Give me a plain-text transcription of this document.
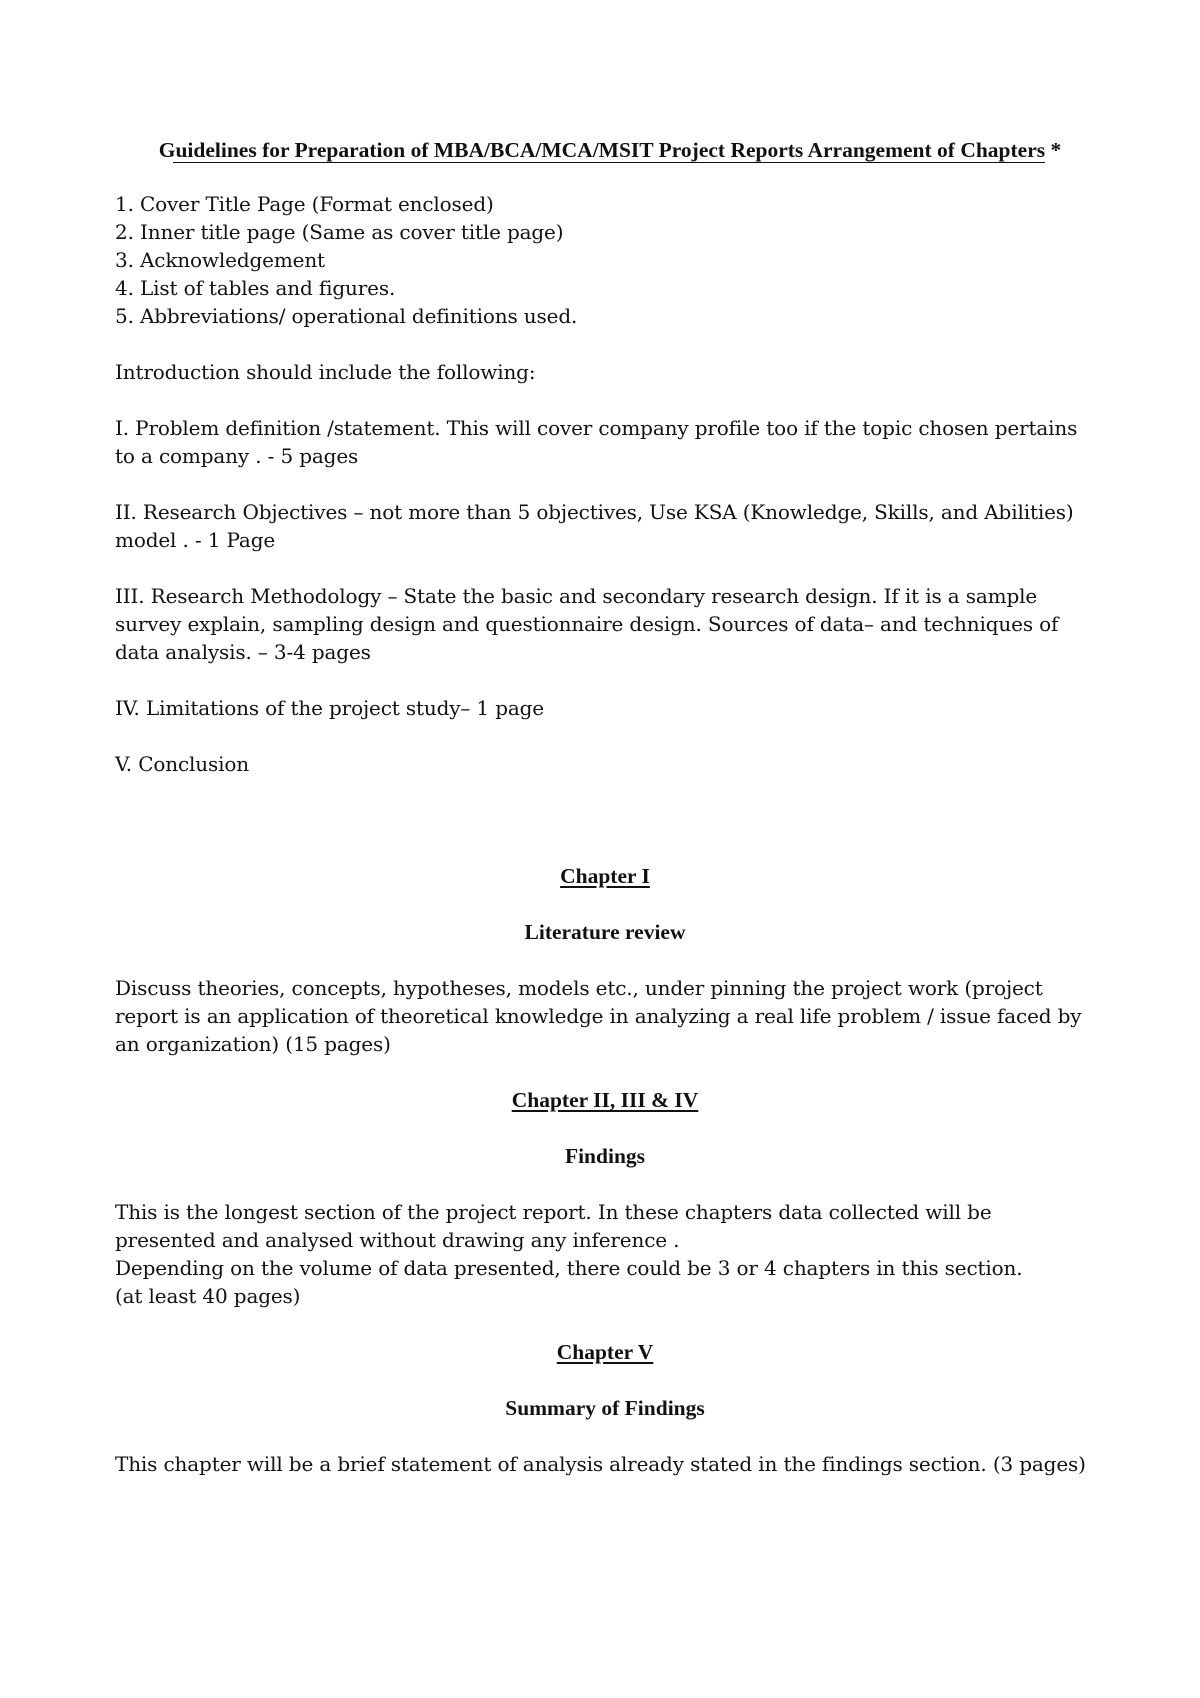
Guidelines for Preparation of MBA/BCA/MCA/MSIT Project Reports Arrangement of Chapters *

1. Cover Title Page (Format enclosed)

2. Inner title page (Same as cover title page)

3. Acknowledgement

4. List of tables and figures.

5. Abbreviations/ operational definitions used.

Introduction should include the following:

I. Problem definition /statement. This will cover company profile too if the topic chosen pertains to a company . - 5 pages

II. Research Objectives – not more than 5 objectives, Use KSA (Knowledge, Skills, and Abilities) model . - 1 Page

III. Research Methodology – State the basic and secondary research design. If it is a sample survey explain, sampling design and questionnaire design. Sources of data– and techniques of data analysis. – 3-4 pages

IV. Limitations of the project study– 1 page

V. Conclusion

Chapter I

Literature review

Discuss theories, concepts, hypotheses, models etc., under pinning the project work (project report is an application of theoretical knowledge in analyzing a real life problem / issue faced by an organization) (15 pages)

Chapter II, III & IV

Findings

This is the longest section of the project report. In these chapters data collected will be presented and analysed without drawing any inference .

Depending on the volume of data presented, there could be 3 or 4 chapters in this section.

(at least 40 pages)

Chapter V

Summary of Findings

This chapter will be a brief statement of analysis already stated in the findings section. (3 pages)
